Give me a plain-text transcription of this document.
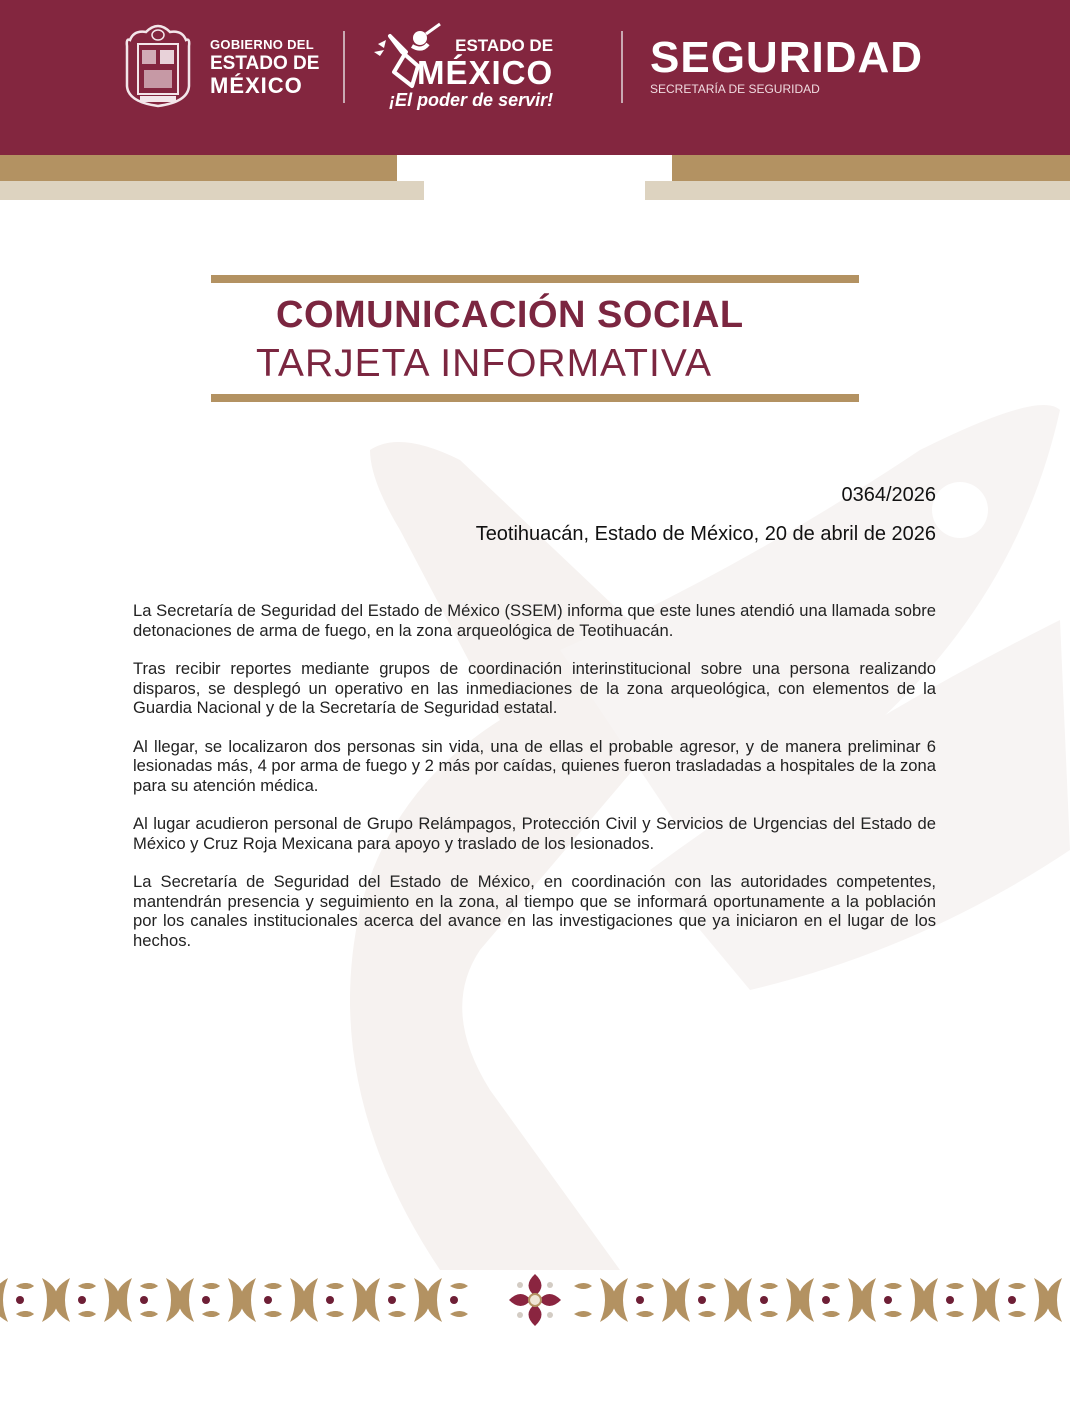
GOBIERNO DEL
ESTADO DE
MÉXICO
ESTADO DE
MÉXICO
¡El poder de servir!
SEGURIDAD
SECRETARÍA DE SEGURIDAD
COMUNICACIÓN SOCIAL
TARJETA INFORMATIVA
0364/2026
Teotihuacán, Estado de México, 20 de abril de 2026

La Secretaría de Seguridad del Estado de México (SSEM) informa que este lunes atendió una llamada sobre detonaciones de arma de fuego, en la zona arqueológica de Teotihuacán.

Tras recibir reportes mediante grupos de coordinación interinstitucional sobre una persona realizando disparos, se desplegó un operativo en las inmediaciones de la zona arqueológica, con elementos de la Guardia Nacional y de la Secretaría de Seguridad estatal.

Al llegar, se localizaron dos personas sin vida, una de ellas el probable agresor, y de manera preliminar 6 lesionadas más, 4 por arma de fuego y 2 más por caídas, quienes fueron trasladadas a hospitales de la zona para su atención médica.

Al lugar acudieron personal de Grupo Relámpagos, Protección Civil y Servicios de Urgencias del Estado de México y Cruz Roja Mexicana para apoyo y traslado de los lesionados.

La Secretaría de Seguridad del Estado de México, en coordinación con las autoridades competentes, mantendrán presencia y seguimiento en la zona, al tiempo que se informará oportunamente a la población por los canales institucionales acerca del avance en las investigaciones que ya iniciaron en el lugar de los hechos.
